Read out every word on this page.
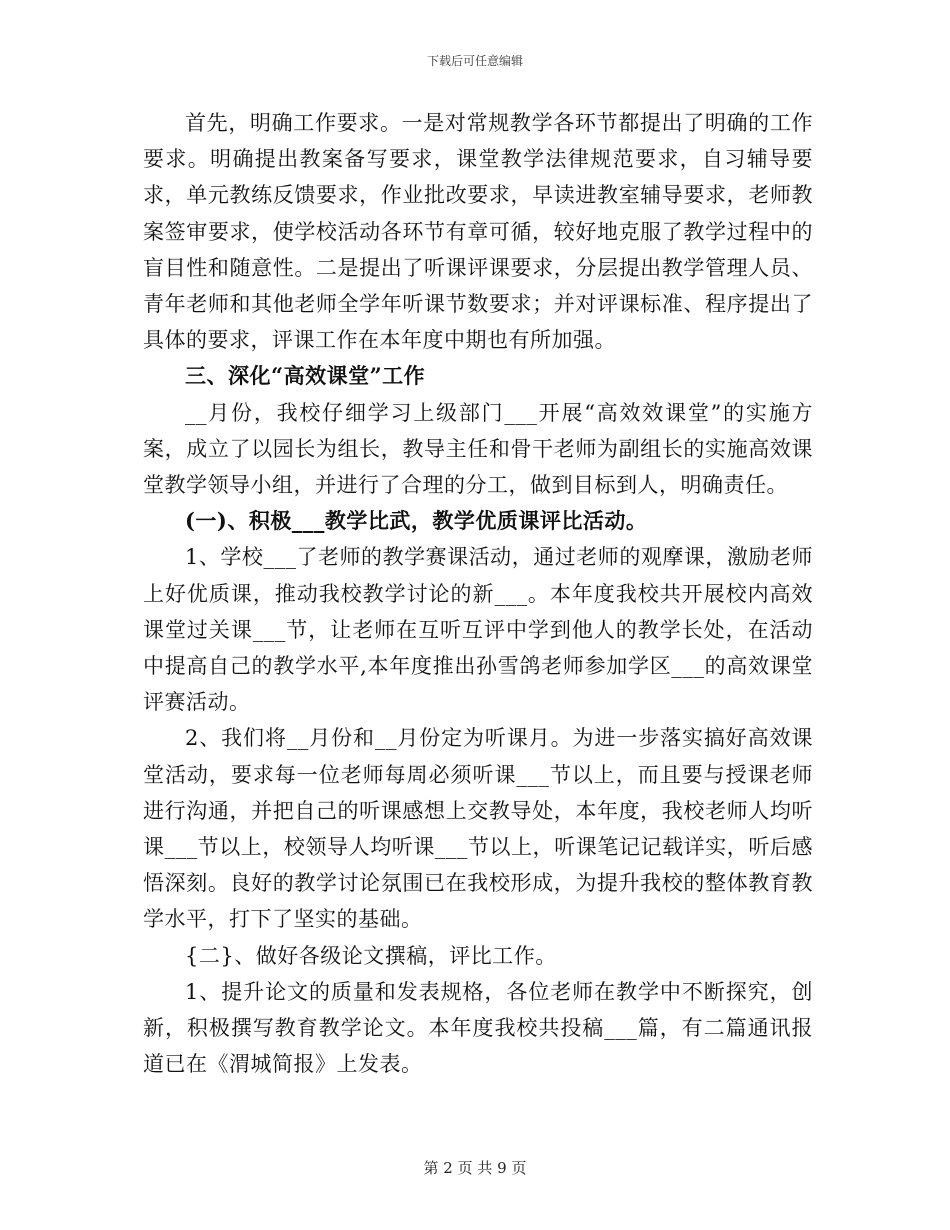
下载后可任意编辑

首先，明确工作要求。一是对常规教学各环节都提出了明确的工作要求。明确提出教案备写要求，课堂教学法律规范要求，自习辅导要求，单元教练反馈要求，作业批改要求，早读进教室辅导要求，老师教案签审要求，使学校活动各环节有章可循，较好地克服了教学过程中的盲目性和随意性。二是提出了听课评课要求，分层提出教学管理人员、青年老师和其他老师全学年听课节数要求；并对评课标准、程序提出了具体的要求，评课工作在本年度中期也有所加强。

三、深化“高效课堂”工作

__月份，我校仔细学习上级部门___开展“高效效课堂”的实施方案，成立了以园长为组长，教导主任和骨干老师为副组长的实施高效课堂教学领导小组，并进行了合理的分工，做到目标到人，明确责任。

(一)、积极___教学比武，教学优质课评比活动。

1、学校___了老师的教学赛课活动，通过老师的观摩课，激励老师上好优质课，推动我校教学讨论的新___。本年度我校共开展校内高效课堂过关课___节，让老师在互听互评中学到他人的教学长处，在活动中提高自己的教学水平,本年度推出孙雪鸽老师参加学区___的高效课堂评赛活动。

2、我们将__月份和__月份定为听课月。为进一步落实搞好高效课堂活动，要求每一位老师每周必须听课___节以上，而且要与授课老师进行沟通，并把自己的听课感想上交教导处，本年度，我校老师人均听课___节以上，校领导人均听课___节以上，听课笔记记载详实，听后感悟深刻。良好的教学讨论氛围已在我校形成，为提升我校的整体教育教学水平，打下了坚实的基础。

{二}、做好各级论文撰稿，评比工作。

1、提升论文的质量和发表规格，各位老师在教学中不断探究，创新，积极撰写教育教学论文。本年度我校共投稿___篇，有二篇通讯报道已在《渭城简报》上发表。

第 2 页 共 9 页
